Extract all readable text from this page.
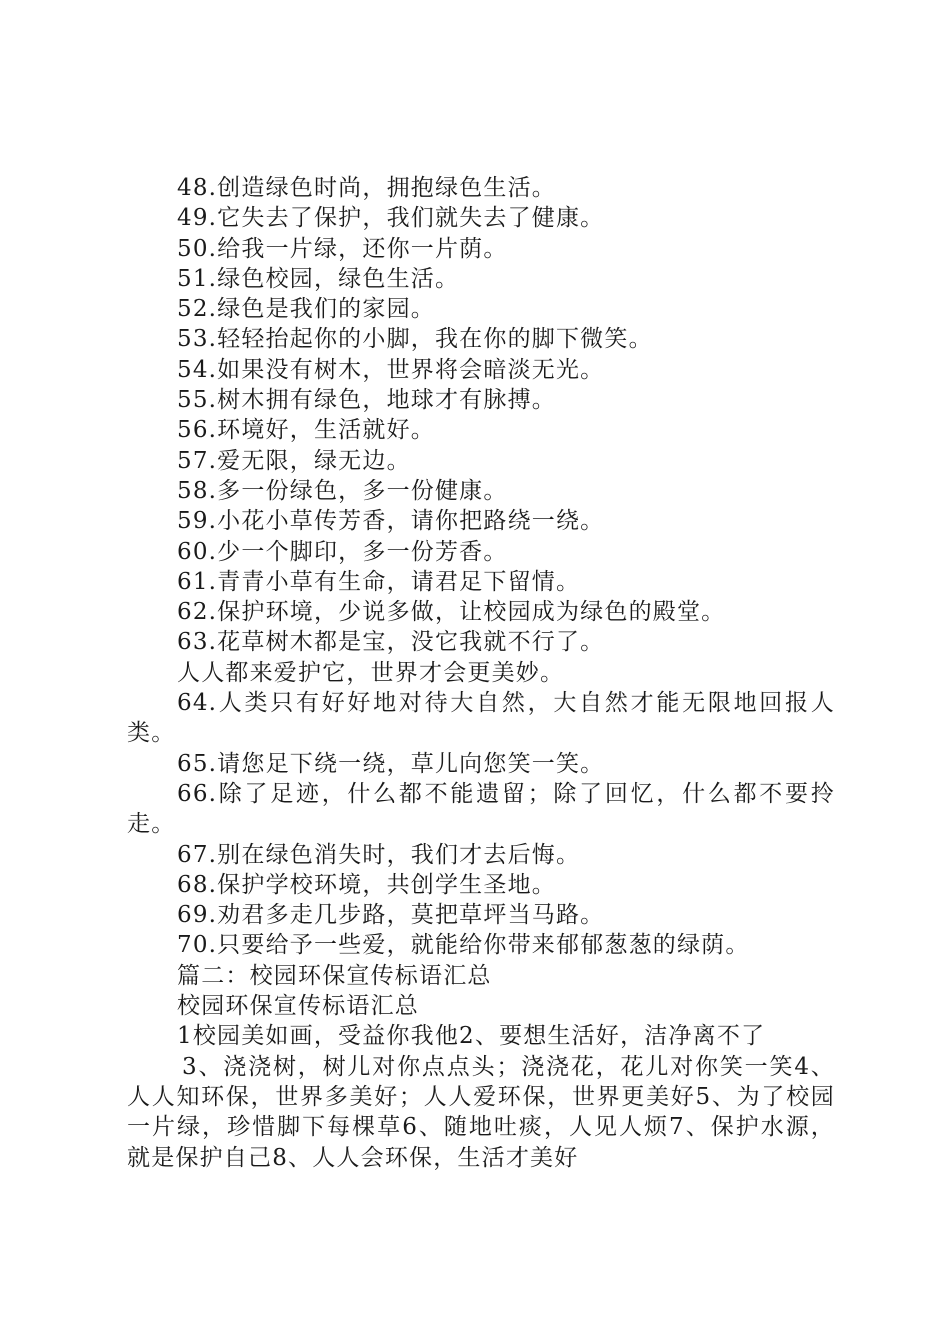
48.创造绿色时尚，拥抱绿色生活。
49.它失去了保护，我们就失去了健康。
50.给我一片绿，还你一片荫。
51.绿色校园，绿色生活。
52.绿色是我们的家园。
53.轻轻抬起你的小脚，我在你的脚下微笑。
54.如果没有树木，世界将会暗淡无光。
55.树木拥有绿色，地球才有脉搏。
56.环境好，生活就好。
57.爱无限，绿无边。
58.多一份绿色，多一份健康。
59.小花小草传芳香，请你把路绕一绕。
60.少一个脚印，多一份芳香。
61.青青小草有生命，请君足下留情。
62.保护环境，少说多做，让校园成为绿色的殿堂。
63.花草树木都是宝，没它我就不行了。
人人都来爱护它，世界才会更美妙。
64.人类只有好好地对待大自然，大自然才能无限地回报人类。
65.请您足下绕一绕，草儿向您笑一笑。
66.除了足迹，什么都不能遗留；除了回忆，什么都不要拎走。
67.别在绿色消失时，我们才去后悔。
68.保护学校环境，共创学生圣地。
69.劝君多走几步路，莫把草坪当马路。
70.只要给予一些爱，就能给你带来郁郁葱葱的绿荫。
篇二：校园环保宣传标语汇总
校园环保宣传标语汇总
1校园美如画，受益你我他2、要想生活好，洁净离不了
3、浇浇树，树儿对你点点头；浇浇花，花儿对你笑一笑4、人人知环保，世界多美好；人人爱环保，世界更美好5、为了校园一片绿，珍惜脚下每棵草6、随地吐痰，人见人烦7、保护水源，就是保护自己8、人人会环保，生活才美好
